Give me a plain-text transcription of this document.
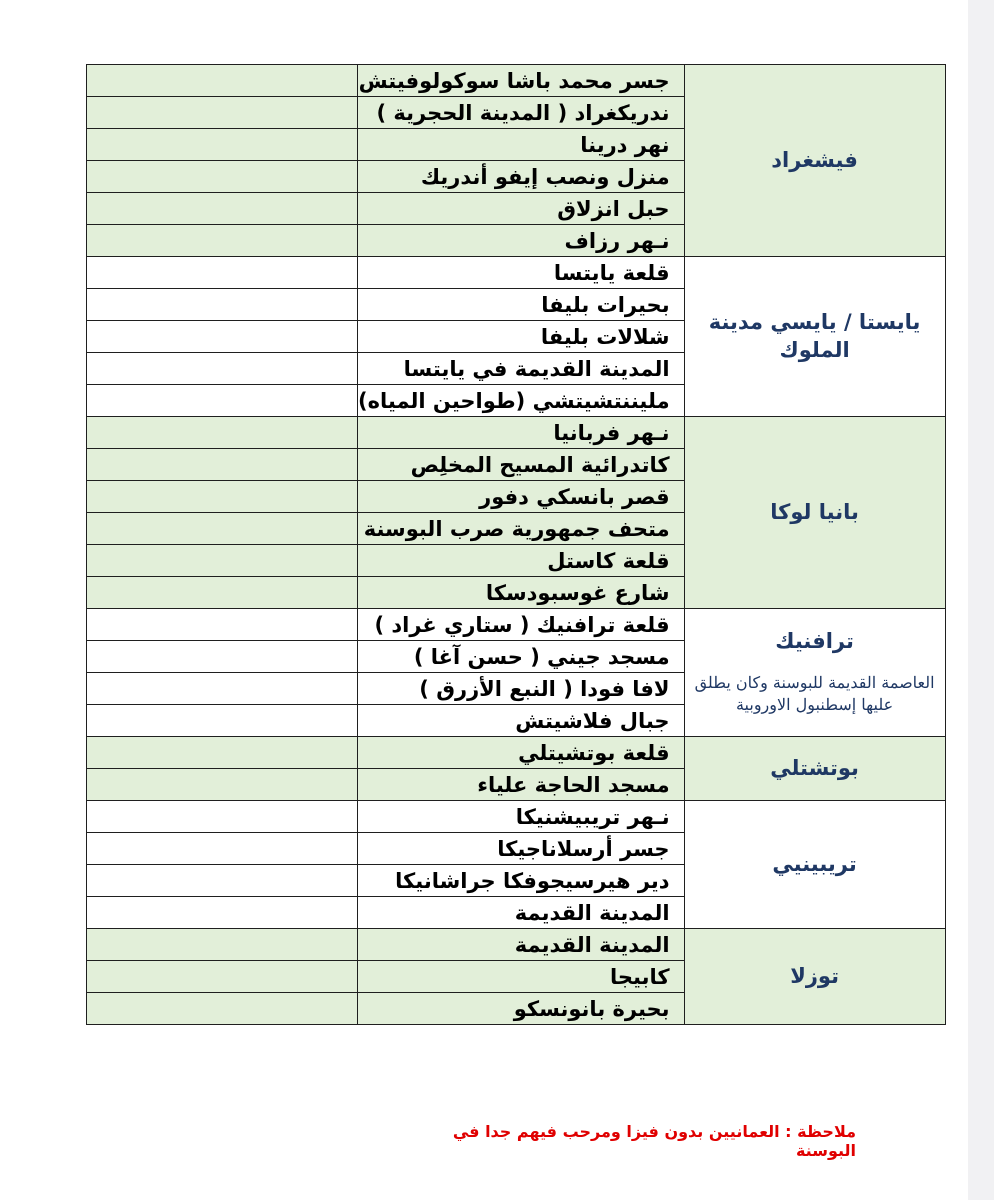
	جسر محمد باشا سوكولوفيتش	فيشغراد

	ندريكغراد ( المدينة الحجرية )	
	نهر درينا	
	منزل ونصب إيفو أندريك	
	حبل انزلاق	
	نـهر رزاف	
	قلعة يايتسا	يايستا / يايسي مدينة الملوك

	بحيرات بليفا	
	شلالات بليفا	
	المدينة القديمة في يايتسا	
	مليننتشيتشي (طواحين المياه)	
	نـهر فربانيا	بانيا لوكا

	كاتدرائية المسيح المخلِص	
	قصر بانسكي دفور	
	متحف جمهورية صرب البوسنة	
	قلعة كاستل	
	شارع غوسبودسكا	
	قلعة ترافنيك ( ستاري غراد )	ترافنيك
العاصمة القديمة للبوسنة وكان يطلق عليها إسطنبول الاوروبية

	مسجد جيني ( حسن آغا )	
	لافا فودا ( النبع الأزرق )	
	جبال فلاشيتش	
	قلعة بوتشيتلي	بوتشتلي

	مسجد الحاجة علياء	
	نـهر تريبيشنيكا	تريبينيي

	جسر أرسلاناجيكا	
	دير هيرسيجوفكا جراشانيكا	
	المدينة القديمة	
	المدينة القديمة	توزلا

	كابيجا	
	بحيرة بانونسكو	
ملاحظة : العمانيين بدون فيزا ومرحب فيهم جدا في البوسنة
